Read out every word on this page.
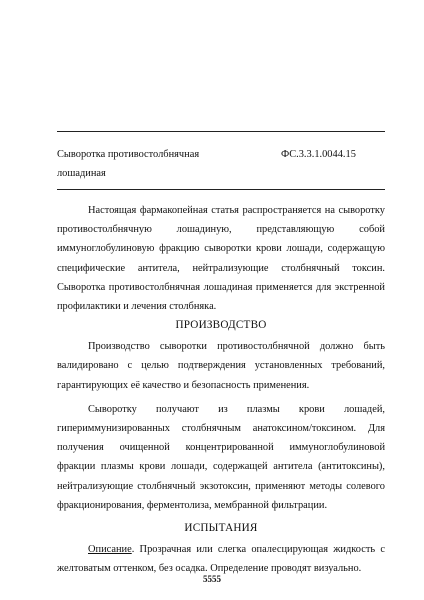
Сыворотка противостолбнячная лошадиная
ФС.3.3.1.0044.15

Настоящая фармакопейная статья распространяется на сыворотку противостолбнячную лошадиную, представляющую собой иммуноглобулиновую фракцию сыворотки крови лошади, содержащую специфические антитела, нейтрализующие столбнячный токсин. Сыворотка противостолбнячная лошадиная применяется для экстренной профилактики и лечения столбняка.

ПРОИЗВОДСТВО

Производство сыворотки противостолбнячной должно быть валидировано с целью подтверждения установленных требований, гарантирующих её качество и безопасность применения.

Сыворотку получают из плазмы крови лошадей, гипериммунизированных столбнячным анатоксином/токсином. Для получения очищенной концентрированной иммуноглобулиновой фракции плазмы крови лошади, содержащей антитела (антитоксины), нейтрализующие столбнячный экзотоксин, применяют методы солевого фракционирования, ферментолиза, мембранной фильтрации.

ИСПЫТАНИЯ

Описание. Прозрачная или слегка опалесцирующая жидкость с желтоватым оттенком, без осадка. Определение проводят визуально.

5555
